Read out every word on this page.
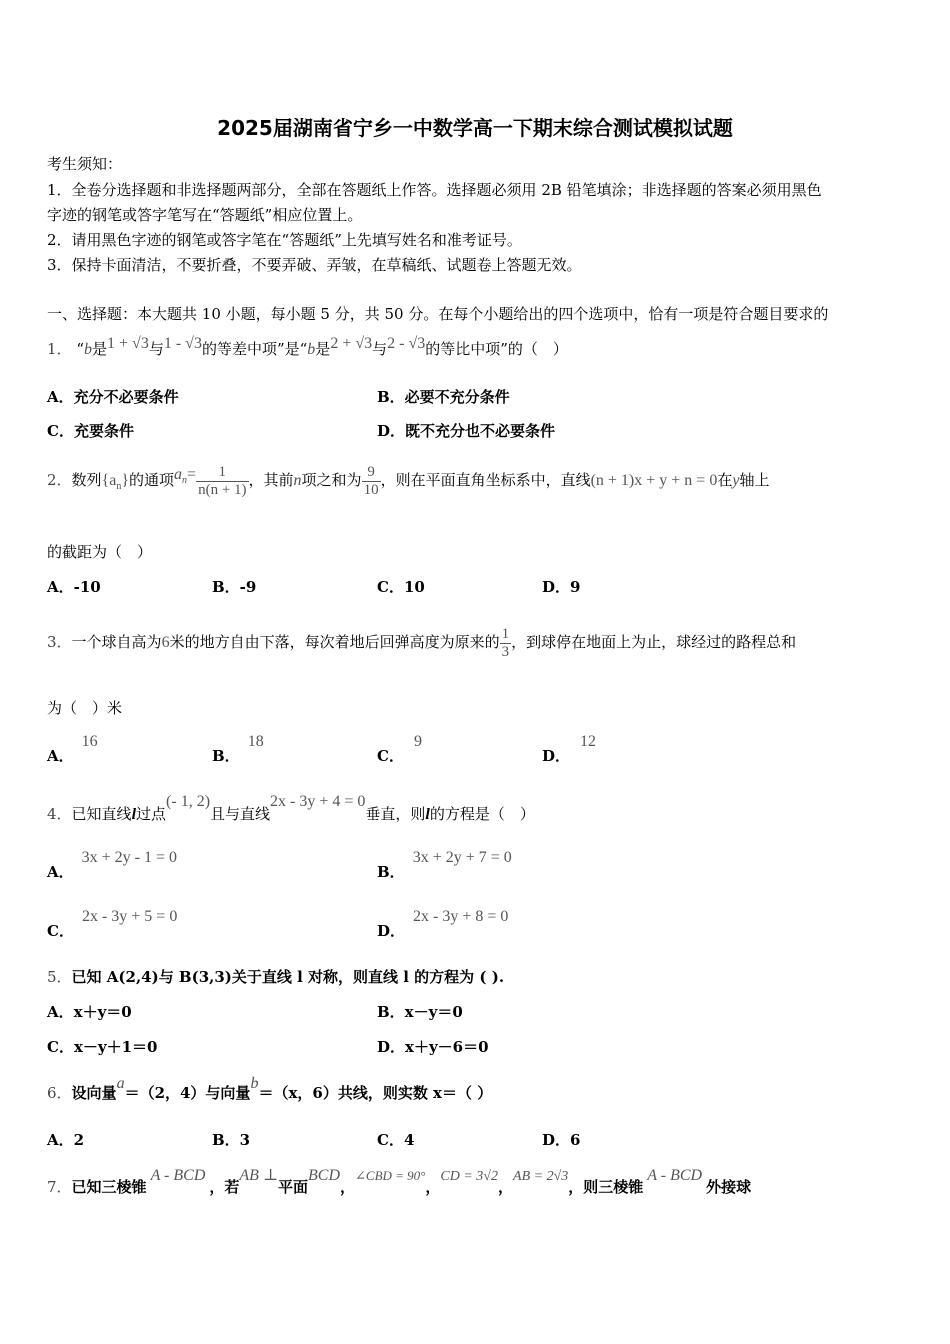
2025届湖南省宁乡一中数学高一下期末综合测试模拟试题
考生须知：
1．全卷分选择题和非选择题两部分，全部在答题纸上作答。选择题必须用 2B 铅笔填涂；非选择题的答案必须用黑色
字迹的钢笔或答字笔写在“答题纸”相应位置上。
2．请用黑色字迹的钢笔或答字笔在“答题纸”上先填写姓名和准考证号。
3．保持卡面清洁，不要折叠，不要弄破、弄皱，在草稿纸、试题卷上答题无效。
一、选择题：本大题共 10 小题，每小题 5 分，共 50 分。在每个小题给出的四个选项中，恰有一项是符合题目要求的
1． “b是1 + √3与1 - √3的等差中项”是“b是2 + √3与2 - √3的等比中项”的（　）
A．充分不必要条件	B．必要不充分条件
C．充要条件	D．既不充分也不必要条件
2．数列$\{a_n\}$的通项$a_n= \frac{1}{n(n + 1)}$ ，其前n项之和为 $\frac{9}{10}$ ，则在平面直角坐标系中，直线(n + 1)x + y + n = 0在y轴上
的截距为（　）
A．-10	B．-9	C．10	D．9
3．一个球自高为6米的地方自由下落，每次着地后回弹高度为原来的 $\frac{1}{3}$ ，到球停在地面上为止，球经过的路程总和
为（　）米
A．16
B．18
C．9
D．12
4．已知直线l过点(- 1, 2)且与直线2x - 3y + 4 = 0垂直，则l的方程是（　）
A．3x + 2y - 1 = 0
B．3x + 2y + 7 = 0
C．2x - 3y + 5 = 0
D．2x - 3y + 8 = 0
5．已知 A(2,4)与 B(3,3)关于直线 l 对称，则直线 l 的方程为 ( ).
A．x＋y＝0	B．x－y＝0
C．x－y＋1＝0	D．x＋y－6＝0
6．设向量a＝（2，4）与向量b＝（x，6）共线，则实数 x＝（ ）
A．2	B．3	C．4	D．6
7．已知三棱锥A - BCD，若AB ⊥平面BCD，∠CBD = 90°，CD = 3√2，AB = 2√3，则三棱锥A - BCD外接球
